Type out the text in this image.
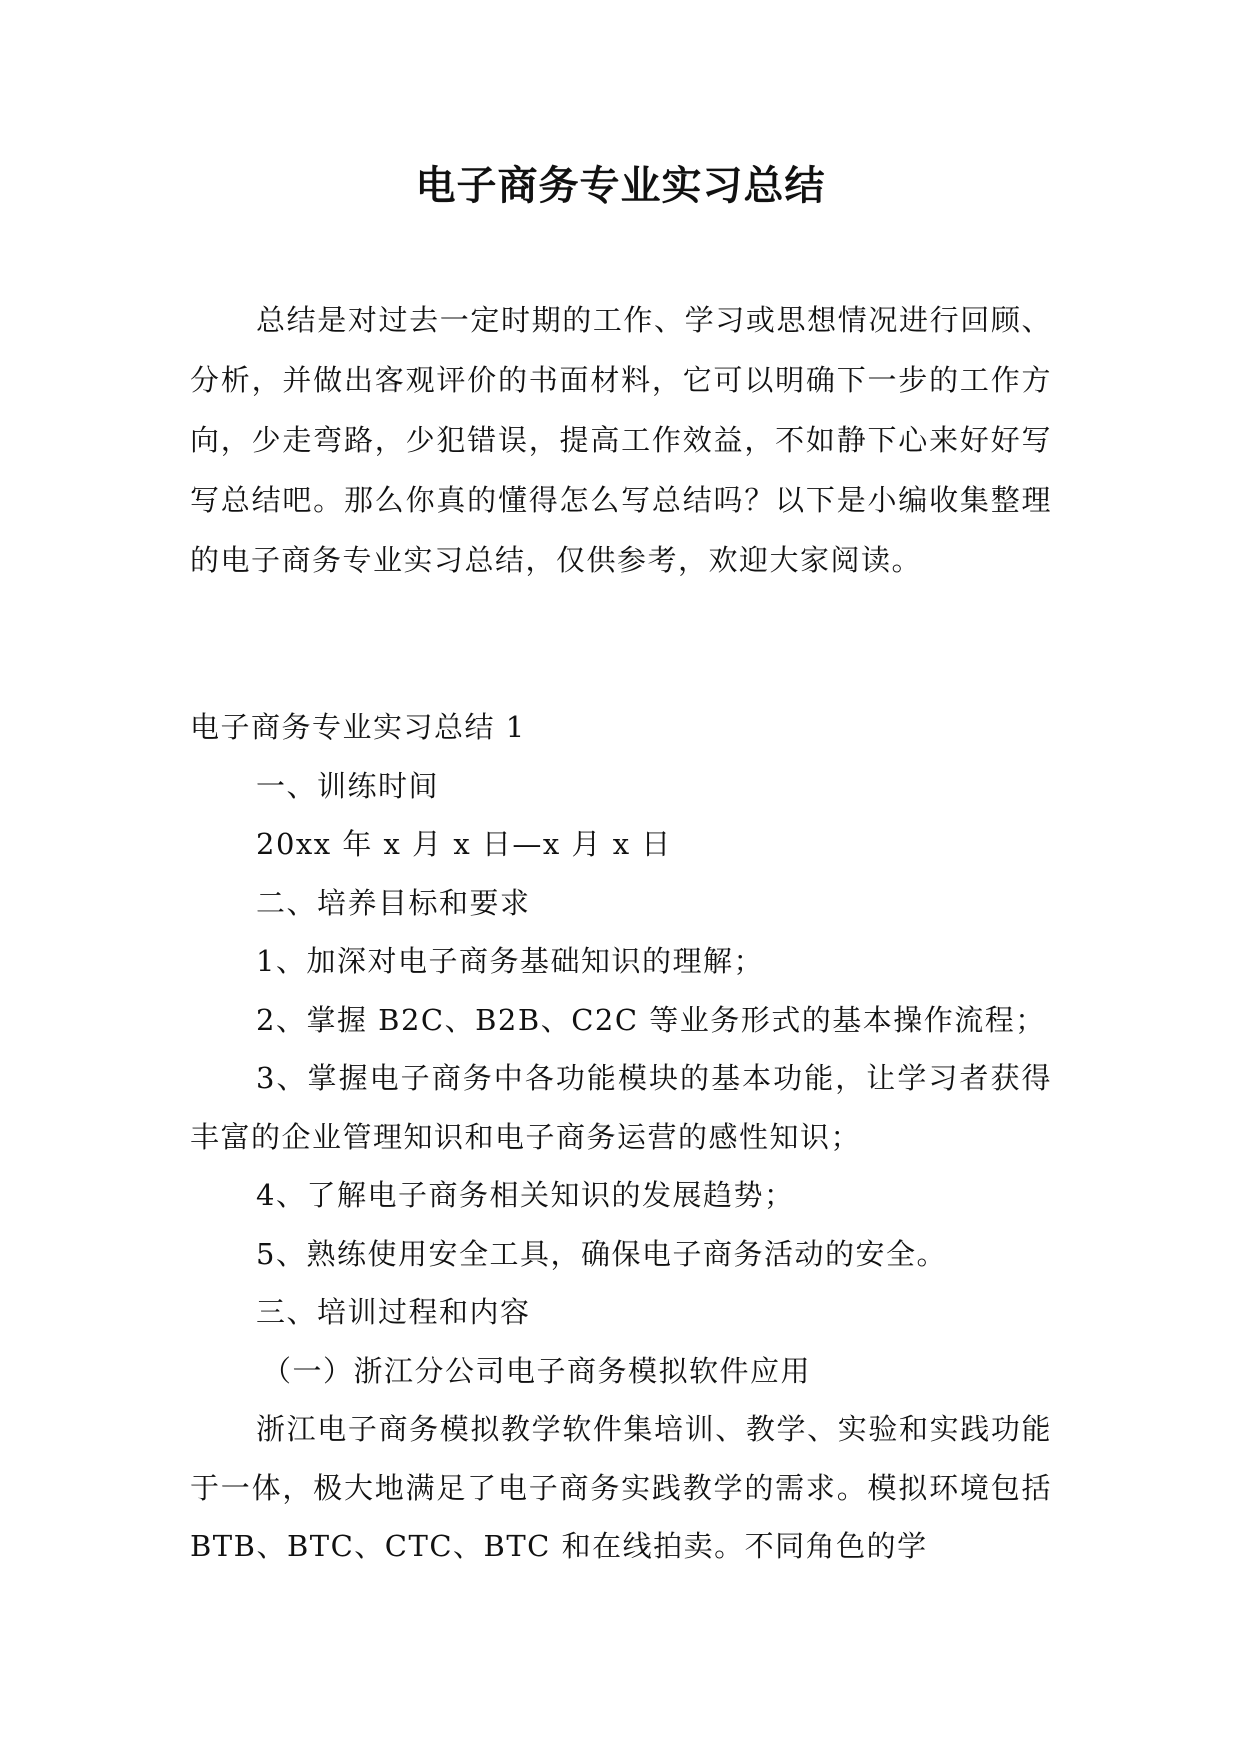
电子商务专业实习总结

总结是对过去一定时期的工作、学习或思想情况进行回顾、分析，并做出客观评价的书面材料，它可以明确下一步的工作方向，少走弯路，少犯错误，提高工作效益，不如静下心来好好写写总结吧。那么你真的懂得怎么写总结吗？以下是小编收集整理的电子商务专业实习总结，仅供参考，欢迎大家阅读。

电子商务专业实习总结 1

一、训练时间

20xx 年 x 月 x 日—x 月 x 日

二、培养目标和要求

1、加深对电子商务基础知识的理解；

2、掌握 B2C、B2B、C2C 等业务形式的基本操作流程；

3、掌握电子商务中各功能模块的基本功能，让学习者获得丰富的企业管理知识和电子商务运营的感性知识；

4、了解电子商务相关知识的发展趋势；

5、熟练使用安全工具，确保电子商务活动的安全。

三、培训过程和内容

（一）浙江分公司电子商务模拟软件应用

浙江电子商务模拟教学软件集培训、教学、实验和实践功能于一体，极大地满足了电子商务实践教学的需求。模拟环境包括 BTB、BTC、CTC、BTC 和在线拍卖。不同角色的学
